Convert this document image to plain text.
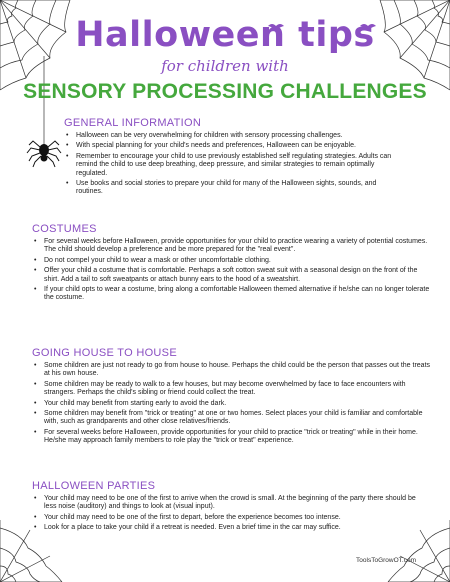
Halloween tips
for children with
SENSORY PROCESSING CHALLENGES
GENERAL INFORMATION
• Halloween can be very overwhelming for children with sensory processing challenges.
• With special planning for your child's needs and preferences, Halloween can be enjoyable.
• Remember to encourage your child to use previously established self regulating strategies. Adults can remind the child to use deep breathing, deep pressure, and similar strategies to remain optimally regulated.
• Use books and social stories to prepare your child for many of the Halloween sights, sounds, and routines.
COSTUMES
• For several weeks before Halloween, provide opportunities for your child to practice wearing a variety of potential costumes. The child should develop a preference and be more prepared for the "real event".
• Do not compel your child to wear a mask or other uncomfortable clothing.
• Offer your child a costume that is comfortable. Perhaps a soft cotton sweat suit with a seasonal design on the front of the shirt. Add a tail to soft sweatpants or attach bunny ears to the hood of a sweatshirt.
• If your child opts to wear a costume, bring along a comfortable Halloween themed alternative if he/she can no longer tolerate the costume.
GOING HOUSE TO HOUSE
• Some children are just not ready to go from house to house. Perhaps the child could be the person that passes out the treats at his own house.
• Some children may be ready to walk to a few houses, but may become overwhelmed by face to face encounters with strangers. Perhaps the child's sibling or friend could collect the treat.
• Your child may benefit from starting early to avoid the dark.
• Some children may benefit from "trick or treating" at one or two homes. Select places your child is familiar and comfortable with, such as grandparents and other close relatives/friends.
• For several weeks before Halloween, provide opportunities for your child to practice "trick or treating" while in their home. He/she may approach family members to role play the "trick or treat" experience.
HALLOWEEN PARTIES
• Your child may need to be one of the first to arrive when the crowd is small. At the beginning of the party there should be less noise (auditory) and things to look at (visual input).
• Your child may need to be one of the first to depart, before the experience becomes too intense.
• Look for a place to take your child if a retreat is needed. Even a brief time in the car may suffice.
ToolsToGrowOT.com
